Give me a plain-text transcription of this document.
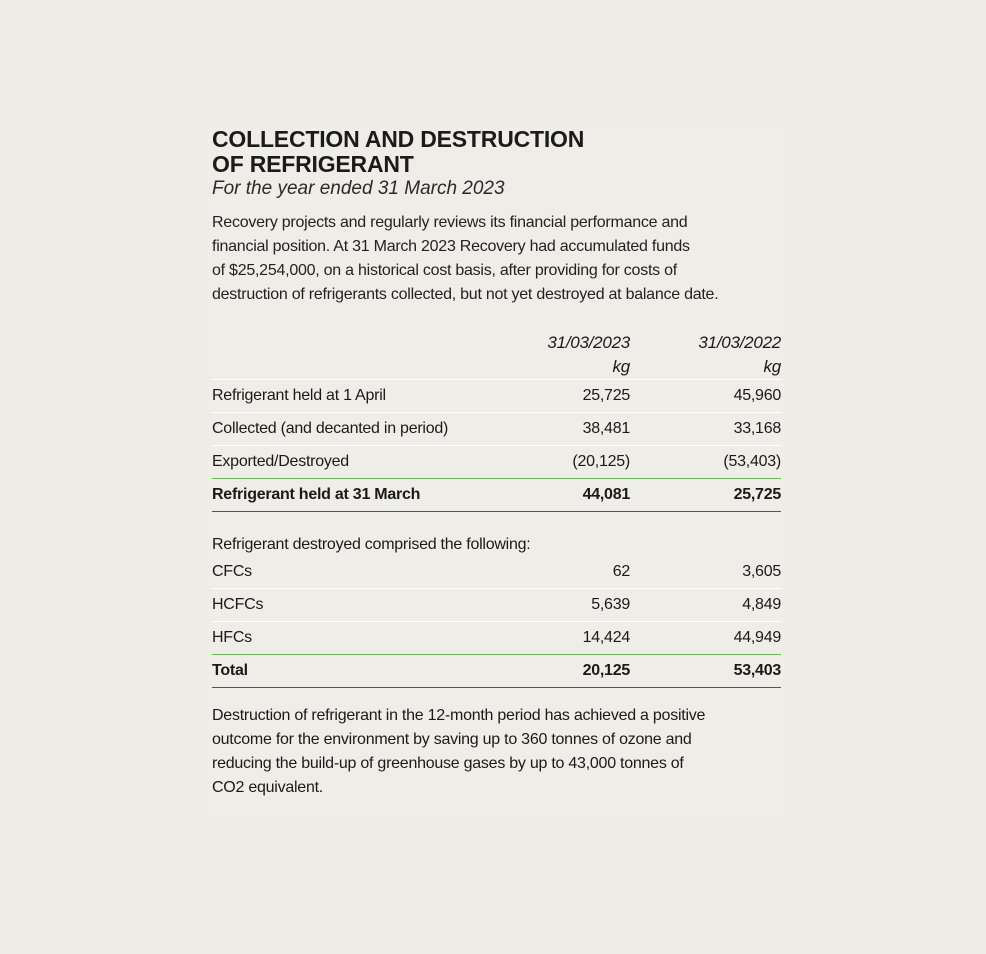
COLLECTION AND DESTRUCTION
OF REFRIGERANT

For the year ended 31 March 2023

Recovery projects and regularly reviews its financial performance and
financial position. At 31 March 2023 Recovery had accumulated funds
of $25,254,000, on a historical cost basis, after providing for costs of
destruction of refrigerants collected, but not yet destroyed at balance date.

	31/03/2023	31/03/2022
	kg	kg
Refrigerant held at 1 April	25,725	45,960
Collected (and decanted in period)	38,481	33,168
Exported/Destroyed	(20,125)	(53,403)
Refrigerant held at 31 March	44,081	25,725
Refrigerant destroyed comprised the following:
CFCs	62	3,605
HCFCs	5,639	4,849
HFCs	14,424	44,949
Total	20,125	53,403
Destruction of refrigerant in the 12-month period has achieved a positive
outcome for the environment by saving up to 360 tonnes of ozone and
reducing the build-up of greenhouse gases by up to 43,000 tonnes of
CO2 equivalent.
